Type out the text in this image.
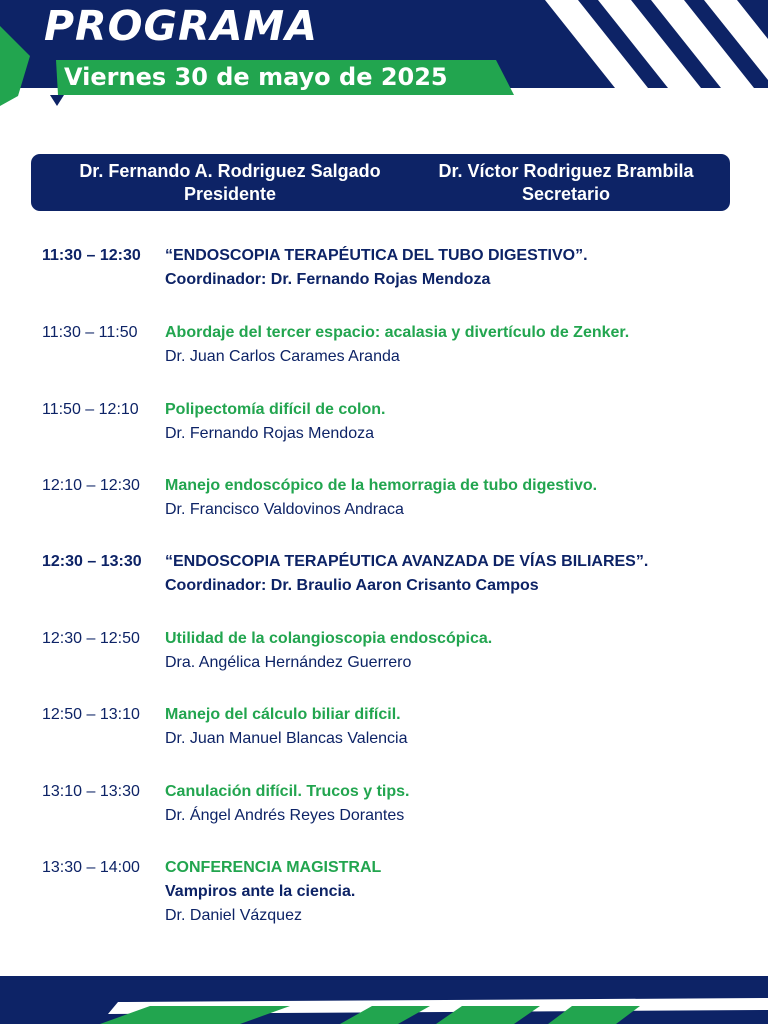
PROGRAMA
Viernes 30 de mayo de 2025
Dr. Fernando A. Rodriguez Salgado
Presidente
Dr. Víctor Rodriguez Brambila
Secretario
11:30 – 12:30 “ENDOSCOPIA TERAPÉUTICA DEL TUBO DIGESTIVO”.
Coordinador: Dr. Fernando Rojas Mendoza
11:30 – 11:50 Abordaje del tercer espacio: acalasia y divertículo de Zenker.
Dr. Juan Carlos Carames Aranda
11:50 – 12:10 Polipectomía difícil de colon.
Dr. Fernando Rojas Mendoza
12:10 – 12:30 Manejo endoscópico de la hemorragia de tubo digestivo.
Dr. Francisco Valdovinos Andraca
12:30 – 13:30 “ENDOSCOPIA TERAPÉUTICA AVANZADA DE VÍAS BILIARES”.
Coordinador: Dr. Braulio Aaron Crisanto Campos
12:30 – 12:50 Utilidad de la colangioscopia endoscópica.
Dra. Angélica Hernández Guerrero
12:50 – 13:10 Manejo del cálculo biliar difícil.
Dr. Juan Manuel Blancas Valencia
13:10 – 13:30 Canulación difícil. Trucos y tips.
Dr. Ángel Andrés Reyes Dorantes
13:30 – 14:00 CONFERENCIA MAGISTRAL
Vampiros ante la ciencia.
Dr. Daniel Vázquez
